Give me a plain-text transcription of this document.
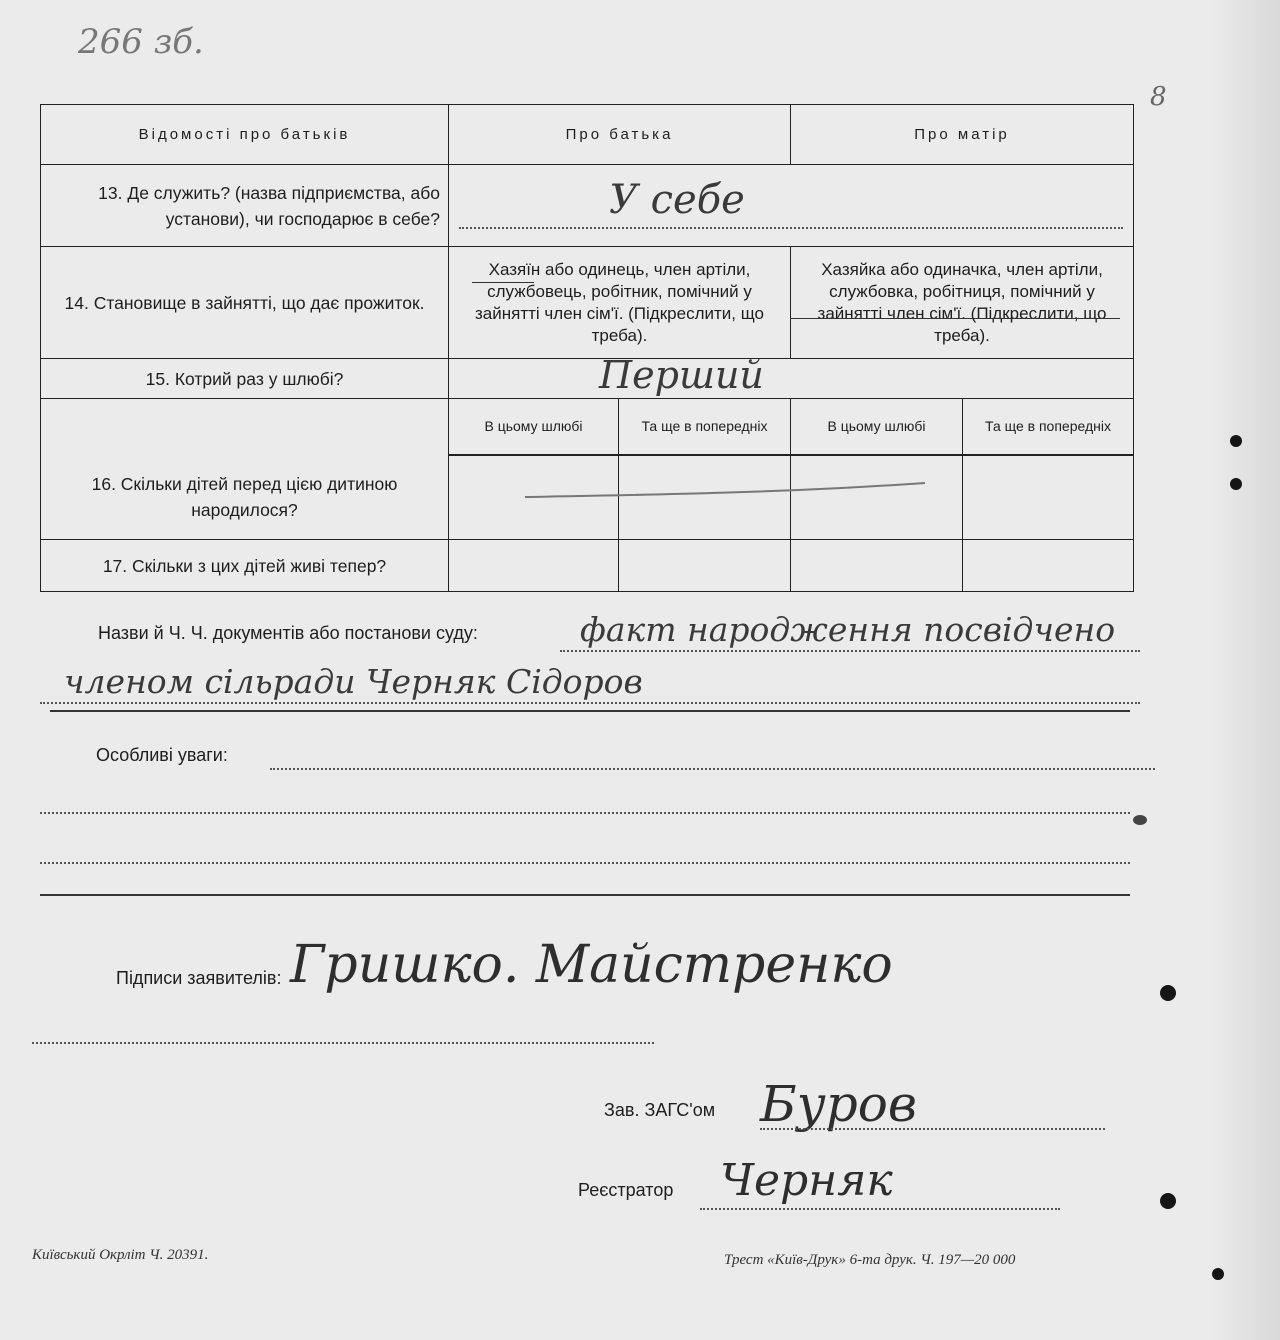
266 зб.
8
Відомості про батьків	Про батька		Про матір	
13. Де служить? (назва підприємства, або установи), чи господарює в себе?	У себе			

14. Становище в зайнятті, що дає прожиток.	Хазяїн або одинець, член артіли, службовець, робітник, помічний у зайнятті член сім'ї. (Підкреслити, що треба).		Хазяйка або одиначка, член артіли, службовка, робітниця, помічний у зайнятті член сім'ї. (Підкреслити, що треба).	
15. Котрий раз у шлюбі?	Перший			

16. Скільки дітей перед цією дитиною народилося?	В цьому шлюбі	Та ще в попередніх	В цьому шлюбі	Та ще в попередніх

17. Скільки з цих дітей живі тепер?				
Назви й Ч. Ч. документів або постанови суду:	факт народження посвідчено
членом сільради Черняк Сідоров
Особливі уваги:
Підписи заявителів: Гришко. Майстренко
Зав. ЗАГС'ом Буров
Реєстратор Черняк
Київський Окрліт Ч. 20391.	Трест «Київ-Друк» 6-та друк. Ч. 197—20 000
